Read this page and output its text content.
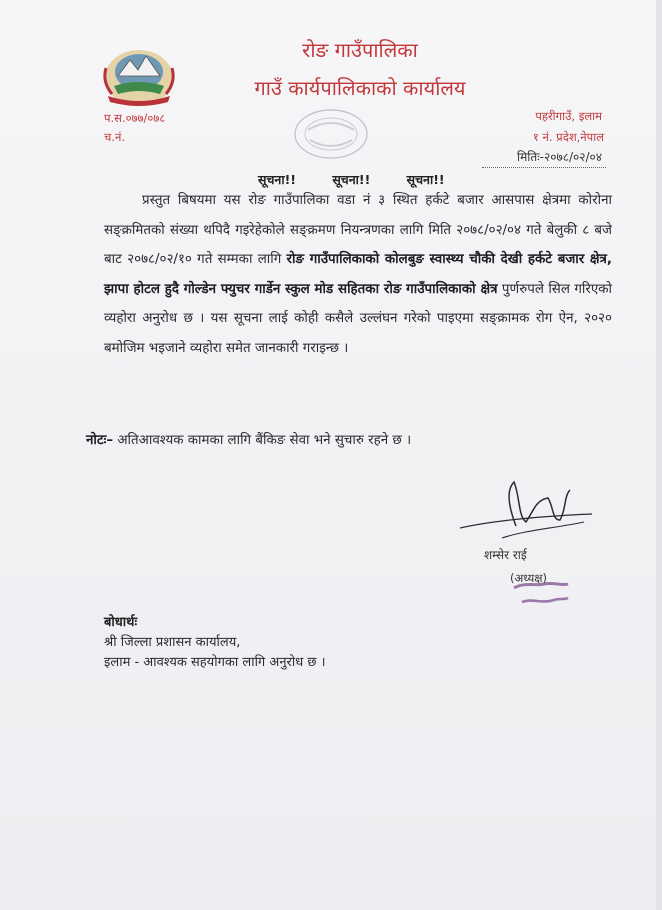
रोङ गाउँपालिका
गाउँ कार्यपालिकाको कार्यालय
प.स.०७७/०७८
च.नं.
पहरीगाउँ, इलाम
१ नं. प्रदेश,नेपाल
मितिः-२०७८/०२/०४
सूचना!!	सूचना!!	सूचना!!
प्रस्तुत बिषयमा यस रोङ गाउँपालिका वडा नं ३ स्थित हर्कटे बजार आसपास क्षेत्रमा कोरोना सङ्क्रमितको संख्या थपिदै गइरेहेकोले सङ्क्रमण नियन्त्रणका लागि मिति २०७८/०२/०४ गते बेलुकी ८ बजे बाट २०७८/०२/१० गते सम्मका लागि रोङ गाउँपालिकाको कोलबुङ स्वास्थ्य चौकी देखी हर्कटे बजार क्षेत्र, झापा होटल हुदै गोल्डेन फ्युचर गार्डेन स्कुल मोड सहितका रोङ गाउँपालिकाको क्षेत्र पुर्णरुपले सिल गरिएको व्यहोरा अनुरोध छ । यस सूचना लाई कोही कसैले उल्लंघन गरेको पाइएमा सङ्क्रामक रोग ऐन, २०२० बमोजिम भइजाने व्यहोरा समेत जानकारी गराइन्छ ।
नोटः– अतिआवश्यक कामका लागि बैंकिङ सेवा भने सुचारु रहने छ ।
शम्सेर राई
(अध्यक्ष)
बोधार्थः
श्री जिल्ला प्रशासन कार्यालय,
इलाम - आवश्यक सहयोगका लागि अनुरोध छ ।
